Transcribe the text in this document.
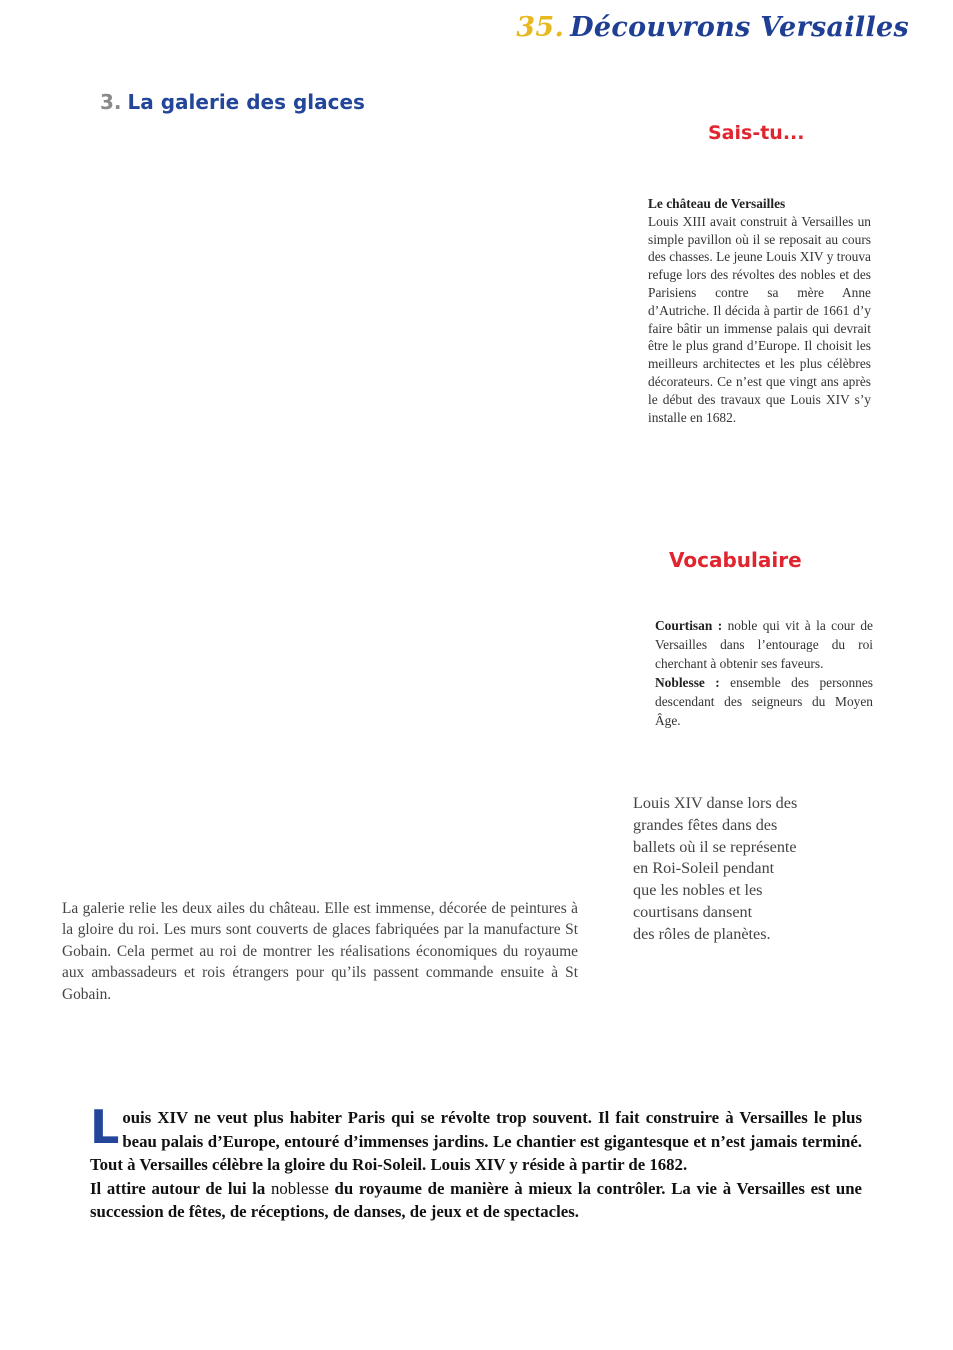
35. Découvrons Versailles
3. La galerie des glaces
Sais-tu...
Le château de Versailles
Louis XIII avait construit à Versailles un simple pavillon où il se reposait au cours des chasses. Le jeune Louis XIV y trouva refuge lors des révoltes des nobles et des Parisiens contre sa mère Anne d’Autriche. Il décida à partir de 1661 d’y faire bâtir un immense palais qui devrait être le plus grand d’Europe. Il choisit les meilleurs architectes et les plus célèbres décorateurs. Ce n’est que vingt ans après le début des travaux que Louis XIV s’y installe en 1682.
Vocabulaire
Courtisan : noble qui vit à la cour de Versailles dans l’entourage du roi cherchant à obtenir ses faveurs.
Noblesse : ensemble des personnes descendant des seigneurs du Moyen Âge.
Louis XIV danse lors des
grandes fêtes dans des
ballets où il se représente
en Roi-Soleil pendant
que les nobles et les
courtisans dansent
des rôles de planètes.
La galerie relie les deux ailes du château. Elle est immense, décorée de peintures à la gloire du roi. Les murs sont couverts de glaces fabriquées par la manufacture St Gobain. Cela permet au roi de montrer les réalisations économiques du royaume aux ambassadeurs et rois étrangers pour qu’ils passent commande ensuite à St Gobain.

Louis XIV ne veut plus habiter Paris qui se révolte trop souvent. Il fait construire à Versailles le plus beau palais d’Europe, entouré d’immenses jardins. Le chantier est gigantesque et n’est jamais terminé. Tout à Versailles célèbre la gloire du Roi-Soleil. Louis XIV y réside à partir de 1682.

Il attire autour de lui la noblesse du royaume de manière à mieux la contrôler. La vie à Versailles est une succession de fêtes, de réceptions, de danses, de jeux et de spectacles.
